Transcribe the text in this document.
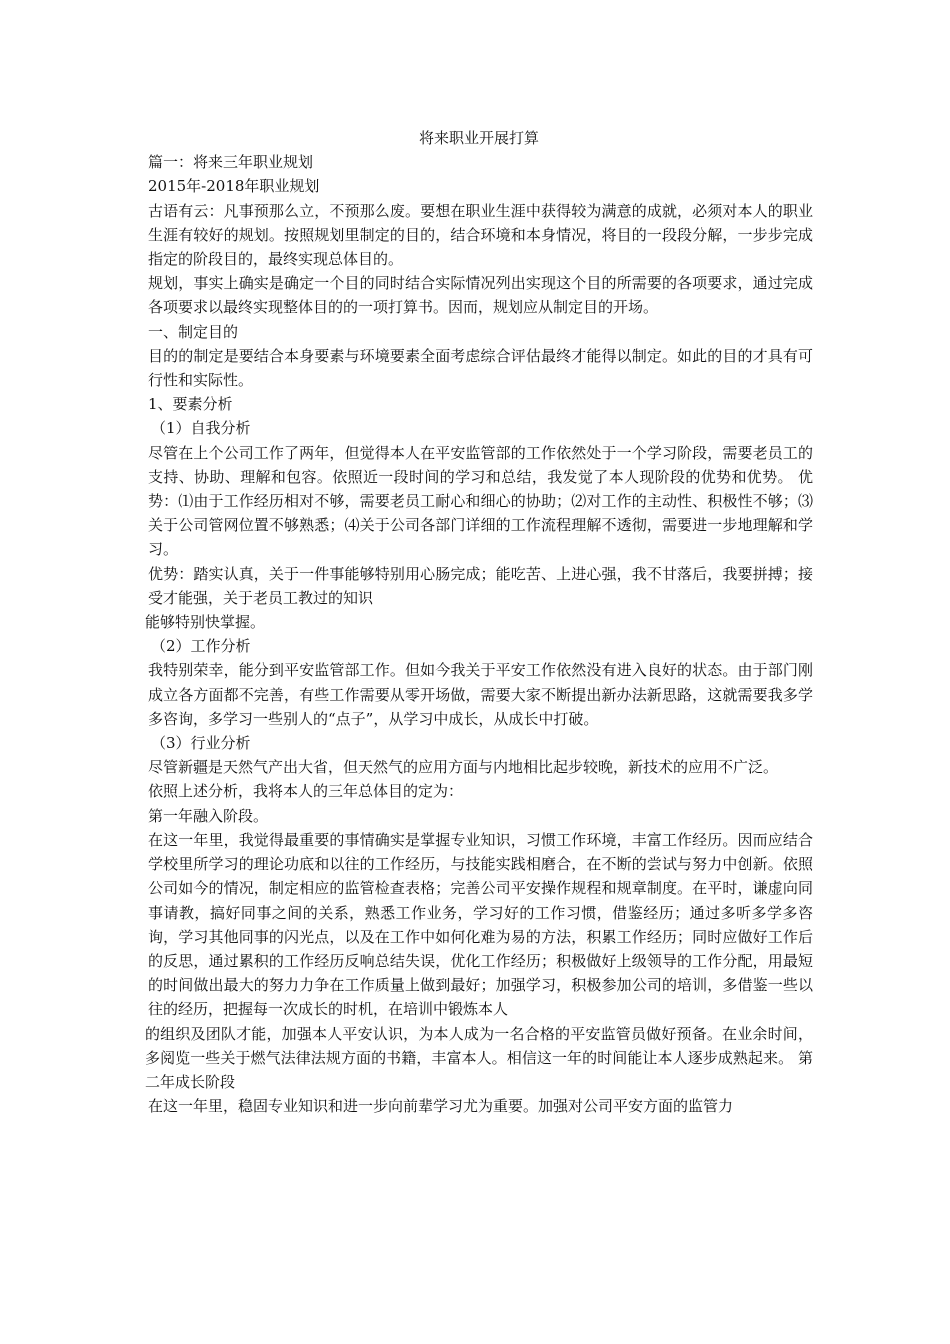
将来职业开展打算

篇一：将来三年职业规划

2015年-2018年职业规划

古语有云：凡事预那么立，不预那么废。要想在职业生涯中获得较为满意的成就，必须对本人的职业生涯有较好的规划。按照规划里制定的目的，结合环境和本身情况，将目的一段段分解，一步步完成指定的阶段目的，最终实现总体目的。

规划，事实上确实是确定一个目的同时结合实际情况列出实现这个目的所需要的各项要求，通过完成各项要求以最终实现整体目的的一项打算书。因而，规划应从制定目的开场。

一、制定目的

目的的制定是要结合本身要素与环境要素全面考虑综合评估最终才能得以制定。如此的目的才具有可行性和实际性。

1、要素分析

（1）自我分析

尽管在上个公司工作了两年，但觉得本人在平安监管部的工作依然处于一个学习阶段，需要老员工的支持、协助、理解和包容。依照近一段时间的学习和总结，我发觉了本人现阶段的优势和优势。 优势：⑴由于工作经历相对不够，需要老员工耐心和细心的协助；⑵对工作的主动性、积极性不够；⑶关于公司管网位置不够熟悉；⑷关于公司各部门详细的工作流程理解不透彻，需要进一步地理解和学习。

优势：踏实认真，关于一件事能够特别用心肠完成；能吃苦、上进心强，我不甘落后，我要拼搏；接受才能强，关于老员工教过的知识

能够特别快掌握。

（2）工作分析

我特别荣幸，能分到平安监管部工作。但如今我关于平安工作依然没有进入良好的状态。由于部门刚成立各方面都不完善，有些工作需要从零开场做，需要大家不断提出新办法新思路，这就需要我多学多咨询，多学习一些别人的“点子”，从学习中成长，从成长中打破。

（3）行业分析

尽管新疆是天然气产出大省，但天然气的应用方面与内地相比起步较晚，新技术的应用不广泛。

依照上述分析，我将本人的三年总体目的定为：

第一年融入阶段。

在这一年里，我觉得最重要的事情确实是掌握专业知识，习惯工作环境，丰富工作经历。因而应结合学校里所学习的理论功底和以往的工作经历，与技能实践相磨合，在不断的尝试与努力中创新。依照公司如今的情况，制定相应的监管检查表格；完善公司平安操作规程和规章制度。在平时，谦虚向同事请教，搞好同事之间的关系，熟悉工作业务，学习好的工作习惯，借鉴经历；通过多听多学多咨询，学习其他同事的闪光点，以及在工作中如何化难为易的方法，积累工作经历；同时应做好工作后的反思，通过累积的工作经历反响总结失误，优化工作经历；积极做好上级领导的工作分配，用最短的时间做出最大的努力力争在工作质量上做到最好；加强学习，积极参加公司的培训，多借鉴一些以往的经历，把握每一次成长的时机，在培训中锻炼本人

的组织及团队才能，加强本人平安认识，为本人成为一名合格的平安监管员做好预备。在业余时间，多阅览一些关于燃气法律法规方面的书籍，丰富本人。相信这一年的时间能让本人逐步成熟起来。 第二年成长阶段

在这一年里，稳固专业知识和进一步向前辈学习尤为重要。加强对公司平安方面的监管力
